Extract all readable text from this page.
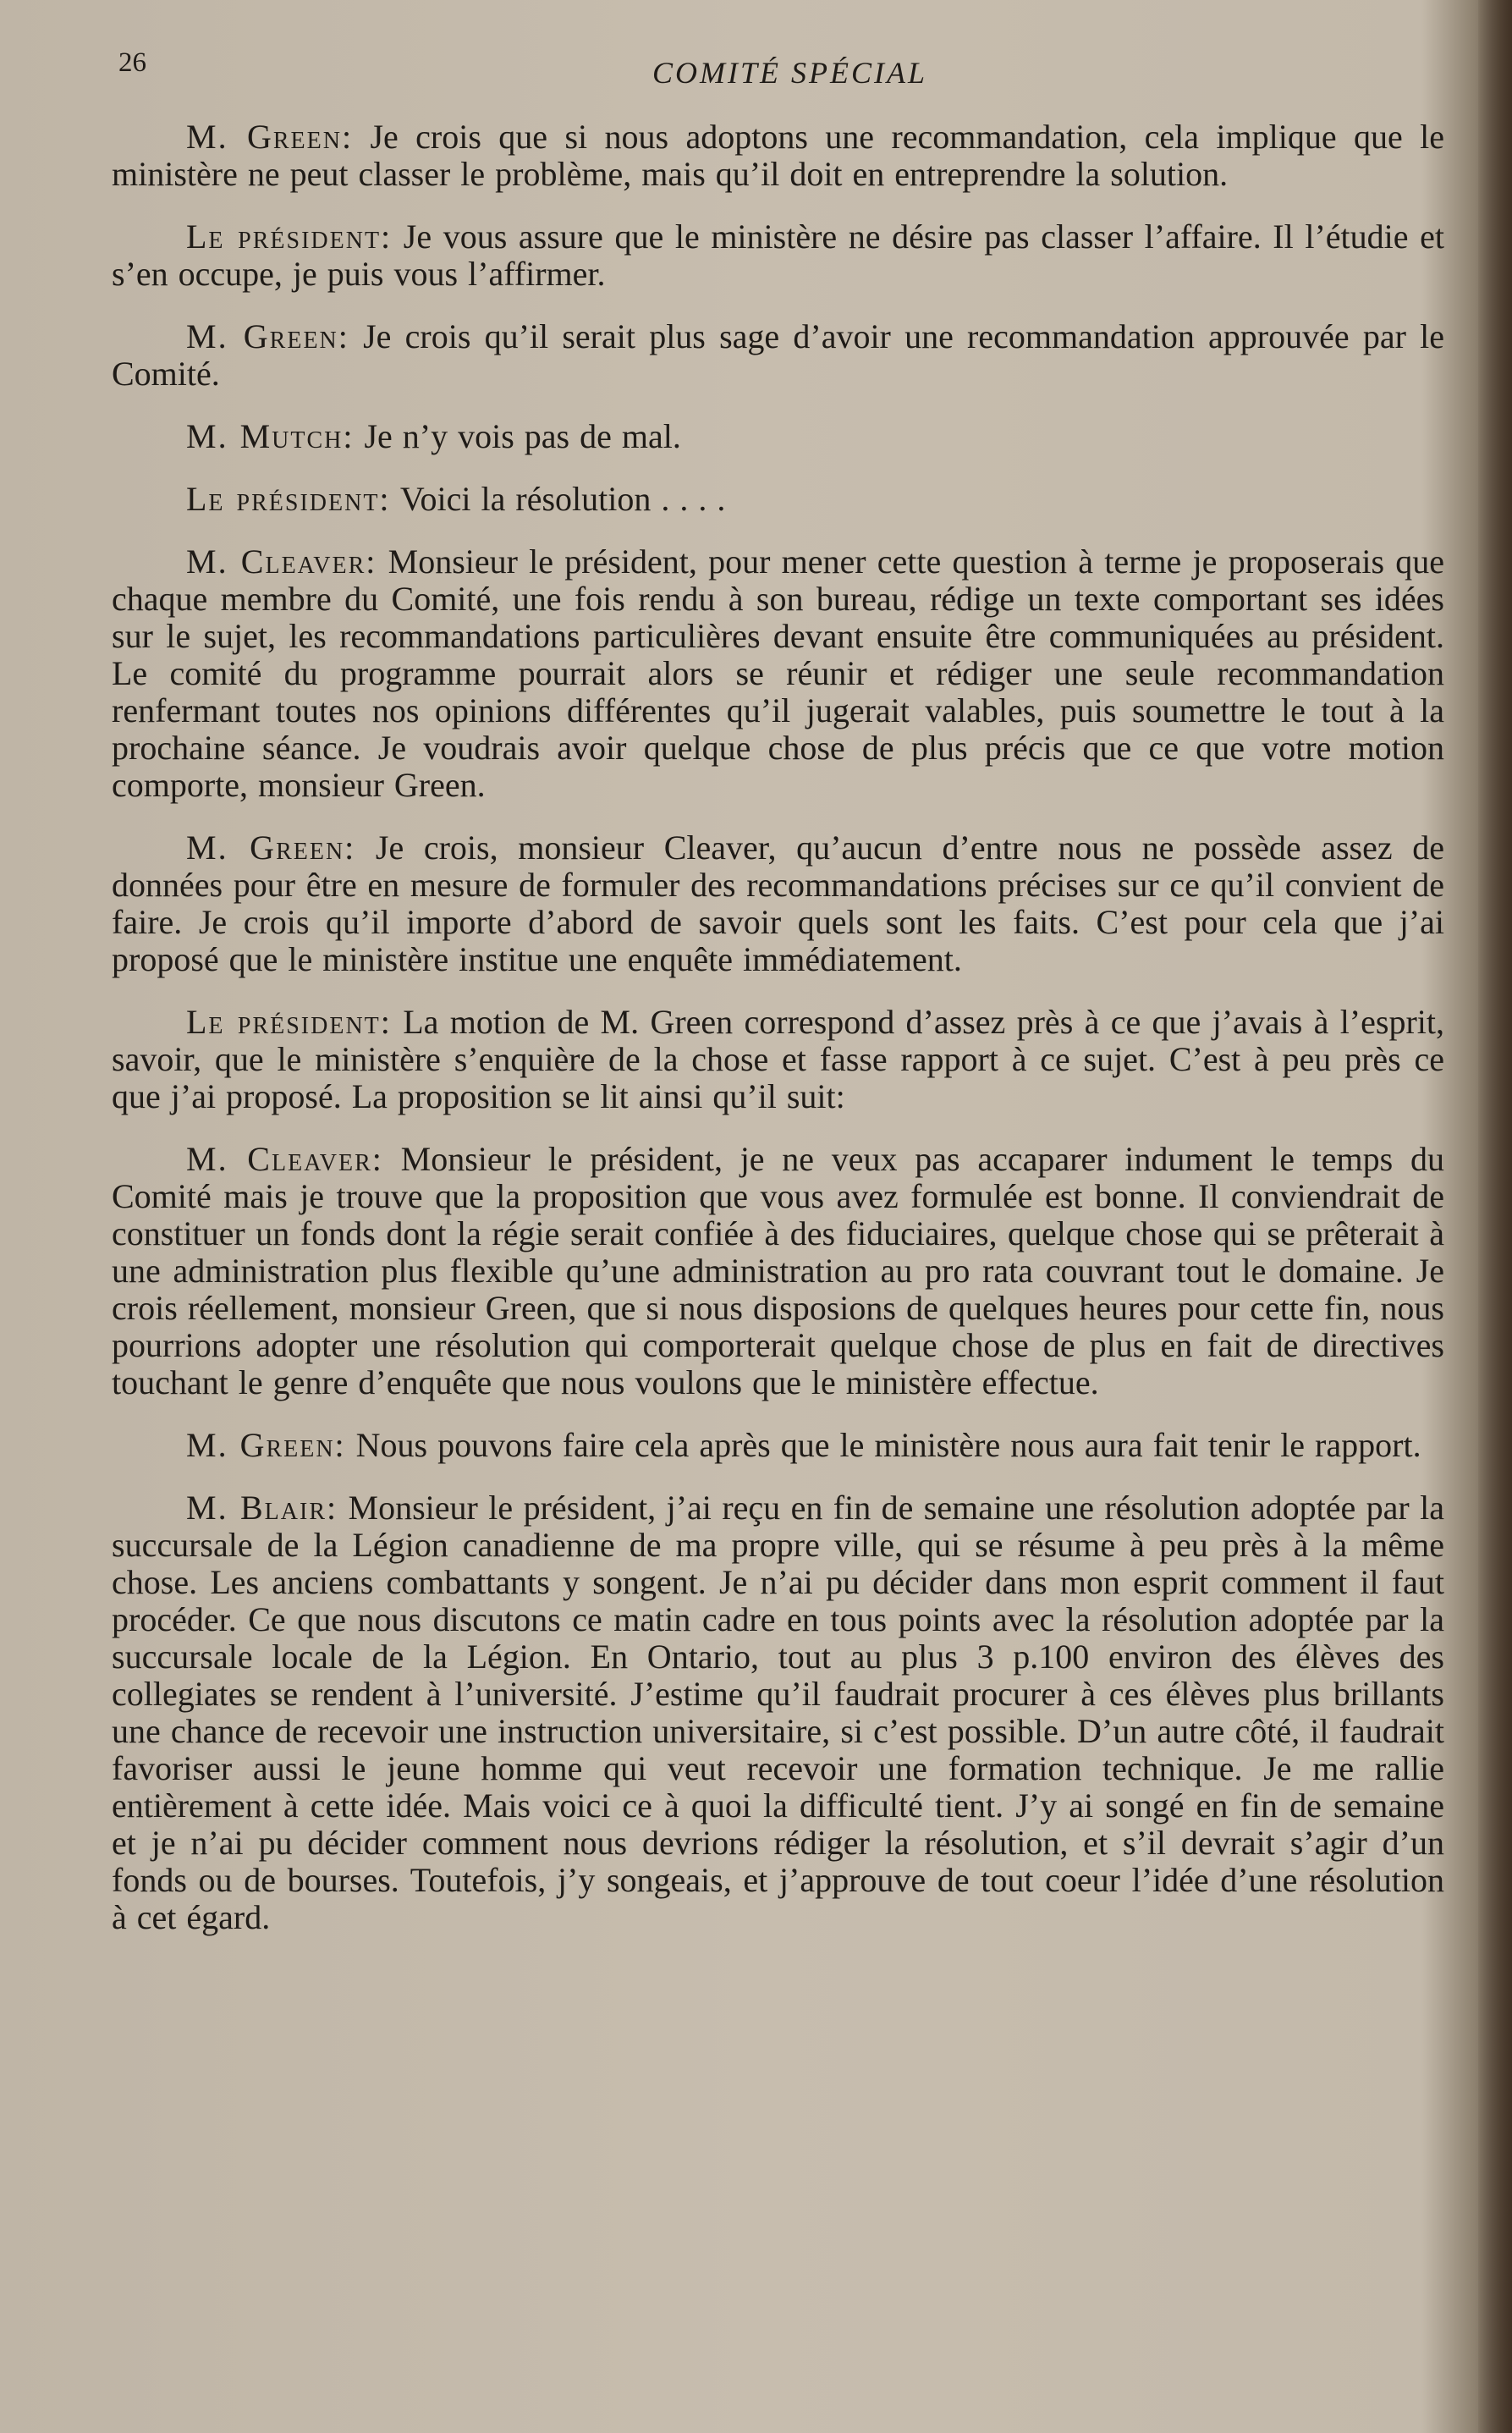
26	COMITÉ SPÉCIAL

M. Green: Je crois que si nous adoptons une recommandation, cela implique que le ministère ne peut classer le problème, mais qu’il doit en entreprendre la solution.

Le président: Je vous assure que le ministère ne désire pas classer l’affaire. Il l’étudie et s’en occupe, je puis vous l’affirmer.

M. Green: Je crois qu’il serait plus sage d’avoir une recommandation approuvée par le Comité.

M. Mutch: Je n’y vois pas de mal.

Le président: Voici la résolution . . . .

M. Cleaver: Monsieur le président, pour mener cette question à terme je proposerais que chaque membre du Comité, une fois rendu à son bureau, rédige un texte comportant ses idées sur le sujet, les recommandations particulières devant ensuite être communiquées au président. Le comité du programme pourrait alors se réunir et rédiger une seule recommandation renfermant toutes nos opinions différentes qu’il jugerait valables, puis soumettre le tout à la prochaine séance. Je voudrais avoir quelque chose de plus précis que ce que votre motion comporte, monsieur Green.

M. Green: Je crois, monsieur Cleaver, qu’aucun d’entre nous ne possède assez de données pour être en mesure de formuler des recommandations précises sur ce qu’il convient de faire. Je crois qu’il importe d’abord de savoir quels sont les faits. C’est pour cela que j’ai proposé que le ministère institue une enquête immédiatement.

Le président: La motion de M. Green correspond d’assez près à ce que j’avais à l’esprit, savoir, que le ministère s’enquière de la chose et fasse rapport à ce sujet. C’est à peu près ce que j’ai proposé. La proposition se lit ainsi qu’il suit:

M. Cleaver: Monsieur le président, je ne veux pas accaparer indument le temps du Comité mais je trouve que la proposition que vous avez formulée est bonne. Il conviendrait de constituer un fonds dont la régie serait confiée à des fiduciaires, quelque chose qui se prêterait à une administration plus flexible qu’une administration au pro rata couvrant tout le domaine. Je crois réellement, monsieur Green, que si nous disposions de quelques heures pour cette fin, nous pourrions adopter une résolution qui comporterait quelque chose de plus en fait de directives touchant le genre d’enquête que nous voulons que le ministère effectue.

M. Green: Nous pouvons faire cela après que le ministère nous aura fait tenir le rapport.

M. Blair: Monsieur le président, j’ai reçu en fin de semaine une résolution adoptée par la succursale de la Légion canadienne de ma propre ville, qui se résume à peu près à la même chose. Les anciens combattants y songent. Je n’ai pu décider dans mon esprit comment il faut procéder. Ce que nous discutons ce matin cadre en tous points avec la résolution adoptée par la succursale locale de la Légion. En Ontario, tout au plus 3 p.100 environ des élèves des collegiates se rendent à l’université. J’estime qu’il faudrait procurer à ces élèves plus brillants une chance de recevoir une instruction universitaire, si c’est possible. D’un autre côté, il faudrait favoriser aussi le jeune homme qui veut recevoir une formation technique. Je me rallie entièrement à cette idée. Mais voici ce à quoi la difficulté tient. J’y ai songé en fin de semaine et je n’ai pu décider comment nous devrions rédiger la résolution, et s’il devrait s’agir d’un fonds ou de bourses. Toutefois, j’y songeais, et j’approuve de tout coeur l’idée d’une résolution à cet égard.
